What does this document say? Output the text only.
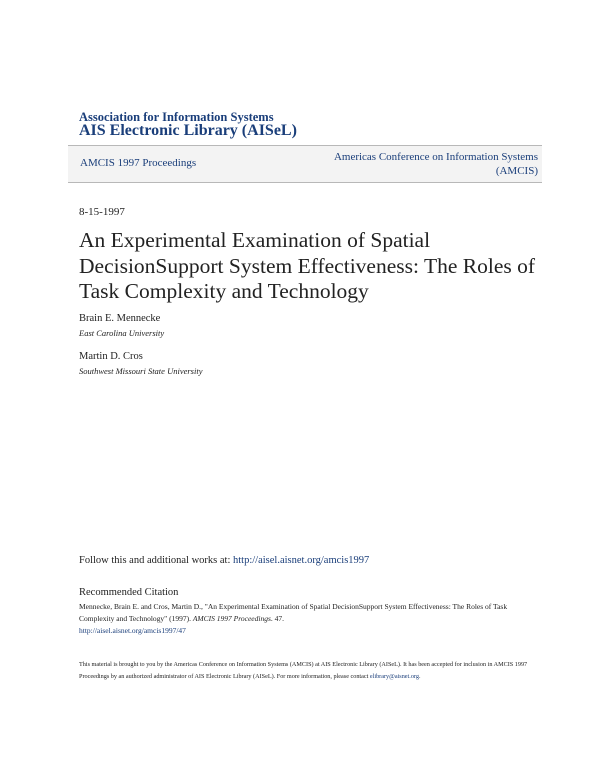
Association for Information Systems
AIS Electronic Library (AISeL)
AMCIS 1997 Proceedings	Americas Conference on Information Systems
(AMCIS)
8-15-1997
An Experimental Examination of Spatial DecisionSupport System Effectiveness: The Roles of Task Complexity and Technology
Brain E. Mennecke
East Carolina University
Martin D. Cros
Southwest Missouri State University
Follow this and additional works at: http://aisel.aisnet.org/amcis1997
Recommended Citation
Mennecke, Brain E. and Cros, Martin D., "An Experimental Examination of Spatial DecisionSupport System Effectiveness: The Roles of Task Complexity and Technology" (1997). AMCIS 1997 Proceedings. 47.
http://aisel.aisnet.org/amcis1997/47
This material is brought to you by the Americas Conference on Information Systems (AMCIS) at AIS Electronic Library (AISeL). It has been accepted for inclusion in AMCIS 1997 Proceedings by an authorized administrator of AIS Electronic Library (AISeL). For more information, please contact elibrary@aisnet.org.
